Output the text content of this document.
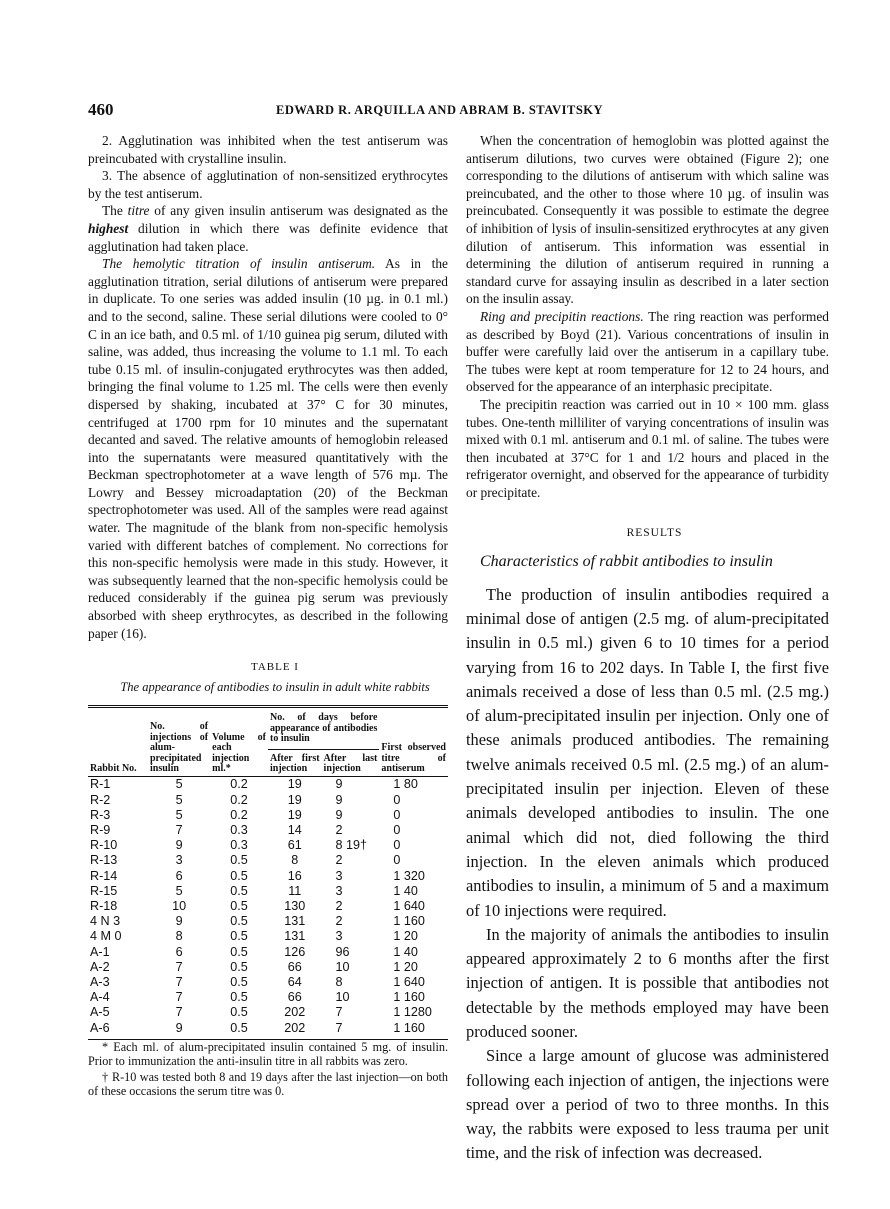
460	EDWARD R. ARQUILLA AND ABRAM B. STAVITSKY

2. Agglutination was inhibited when the test antiserum was preincubated with crystalline insulin.

3. The absence of agglutination of non-sensitized erythrocytes by the test antiserum.

The titre of any given insulin antiserum was designated as the highest dilution in which there was definite evidence that agglutination had taken place.

The hemolytic titration of insulin antiserum. As in the agglutination titration, serial dilutions of antiserum were prepared in duplicate. To one series was added insulin (10 µg. in 0.1 ml.) and to the second, saline. These serial dilutions were cooled to 0° C in an ice bath, and 0.5 ml. of 1/10 guinea pig serum, diluted with saline, was added, thus increasing the volume to 1.1 ml. To each tube 0.15 ml. of insulin-conjugated erythrocytes was then added, bringing the final volume to 1.25 ml. The cells were then evenly dispersed by shaking, incubated at 37° C for 30 minutes, centrifuged at 1700 rpm for 10 minutes and the supernatant decanted and saved. The relative amounts of hemoglobin released into the supernatants were measured quantitatively with the Beckman spectrophotometer at a wave length of 576 mµ. The Lowry and Bessey microadaptation (20) of the Beckman spectrophotometer was used. All of the samples were read against water. The magnitude of the blank from non-specific hemolysis varied with different batches of complement. No corrections for this non-specific hemolysis were made in this study. However, it was subsequently learned that the non-specific hemolysis could be reduced considerably if the guinea pig serum was previously absorbed with sheep erythrocytes, as described in the following paper (16).

TABLE I

The appearance of antibodies to insulin in adult white rabbits

Rabbit No.	No. of injections of alum-precipitated insulin	Volume of each injection ml.*	No. of days before appearance of antibodies to insulin		First observed titre of antiserum
			After first injection	After last injection	

R-1	5	0.2	19	9	1 80
R-2	5	0.2	19	9	0
R-3	5	0.2	19	9	0
R-9	7	0.3	14	2	0
R-10	9	0.3	61	8 19†	0
R-13	3	0.5	8	2	0
R-14	6	0.5	16	3	1 320
R-15	5	0.5	11	3	1 40
R-18	10	0.5	130	2	1 640
4 N 3	9	0.5	131	2	1 160
4 M 0	8	0.5	131	3	1 20
A-1	6	0.5	126	96	1 40
A-2	7	0.5	66	10	1 20
A-3	7	0.5	64	8	1 640
A-4	7	0.5	66	10	1 160
A-5	7	0.5	202	7	1 1280
A-6	9	0.5	202	7	1 160

* Each ml. of alum-precipitated insulin contained 5 mg. of insulin. Prior to immunization the anti-insulin titre in all rabbits was zero.

† R-10 was tested both 8 and 19 days after the last injection—on both of these occasions the serum titre was 0.

When the concentration of hemoglobin was plotted against the antiserum dilutions, two curves were obtained (Figure 2); one corresponding to the dilutions of antiserum with which saline was preincubated, and the other to those where 10 µg. of insulin was preincubated. Consequently it was possible to estimate the degree of inhibition of lysis of insulin-sensitized erythrocytes at any given dilution of antiserum. This information was essential in determining the dilution of antiserum required in running a standard curve for assaying insulin as described in a later section on the insulin assay.

Ring and precipitin reactions. The ring reaction was performed as described by Boyd (21). Various concentrations of insulin in buffer were carefully laid over the antiserum in a capillary tube. The tubes were kept at room temperature for 12 to 24 hours, and observed for the appearance of an interphasic precipitate.

The precipitin reaction was carried out in 10 × 100 mm. glass tubes. One-tenth milliliter of varying concentrations of insulin was mixed with 0.1 ml. antiserum and 0.1 ml. of saline. The tubes were then incubated at 37°C for 1 and 1/2 hours and placed in the refrigerator overnight, and observed for the appearance of turbidity or precipitate.

RESULTS

Characteristics of rabbit antibodies to insulin

The production of insulin antibodies required a minimal dose of antigen (2.5 mg. of alum-precipitated insulin in 0.5 ml.) given 6 to 10 times for a period varying from 16 to 202 days. In Table I, the first five animals received a dose of less than 0.5 ml. (2.5 mg.) of alum-precipitated insulin per injection. Only one of these animals produced antibodies. The remaining twelve animals received 0.5 ml. (2.5 mg.) of an alum-precipitated insulin per injection. Eleven of these animals developed antibodies to insulin. The one animal which did not, died following the third injection. In the eleven animals which produced antibodies to insulin, a minimum of 5 and a maximum of 10 injections were required.

In the majority of animals the antibodies to insulin appeared approximately 2 to 6 months after the first injection of antigen. It is possible that antibodies not detectable by the methods employed may have been produced sooner.

Since a large amount of glucose was administered following each injection of antigen, the injections were spread over a period of two to three months. In this way, the rabbits were exposed to less trauma per unit time, and the risk of infection was decreased.
